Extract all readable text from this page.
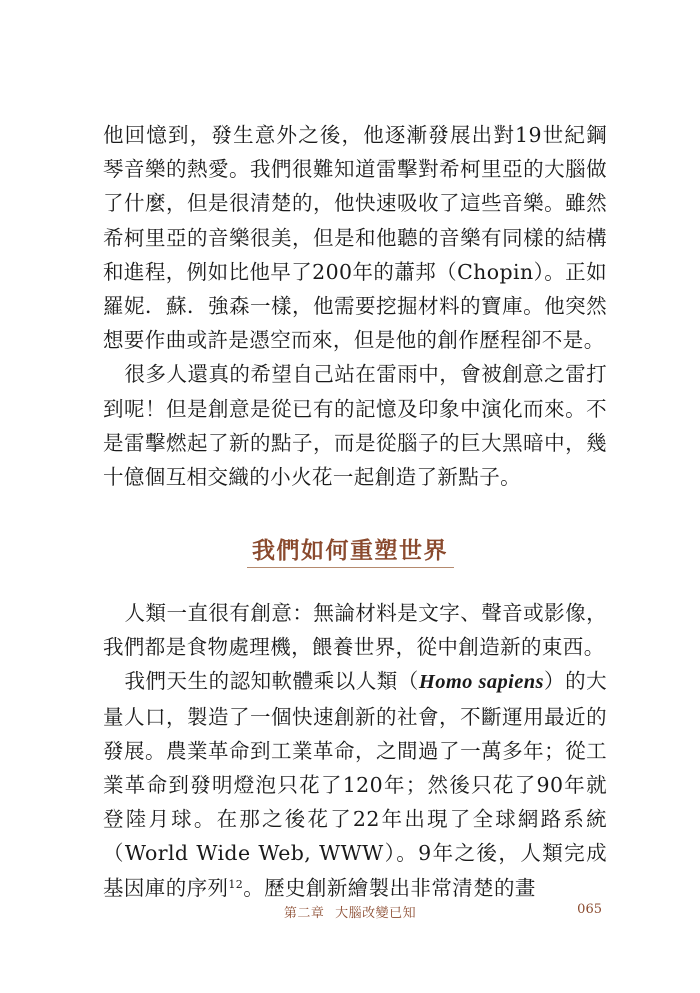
他回憶到，發生意外之後，他逐漸發展出對19世紀鋼琴音樂的熱愛。我們很難知道雷擊對希柯里亞的大腦做了什麼，但是很清楚的，他快速吸收了這些音樂。雖然希柯里亞的音樂很美，但是和他聽的音樂有同樣的結構和進程，例如比他早了200年的蕭邦（Chopin）。正如羅妮．蘇．強森一樣，他需要挖掘材料的寶庫。他突然想要作曲或許是憑空而來，但是他的創作歷程卻不是。

很多人還真的希望自己站在雷雨中，會被創意之雷打到呢！但是創意是從已有的記憶及印象中演化而來。不是雷擊燃起了新的點子，而是從腦子的巨大黑暗中，幾十億個互相交織的小火花一起創造了新點子。

我們如何重塑世界

人類一直很有創意：無論材料是文字、聲音或影像，我們都是食物處理機，餵養世界，從中創造新的東西。

我們天生的認知軟體乘以人類（Homo sapiens）的大量人口，製造了一個快速創新的社會，不斷運用最近的發展。農業革命到工業革命，之間過了一萬多年；從工業革命到發明燈泡只花了120年；然後只花了90年就登陸月球。在那之後花了22年出現了全球網路系統（World Wide Web, WWW）。9年之後，人類完成基因庫的序列$^{12}$。歷史創新繪製出非常清楚的畫

第二章 大腦改變已知	065
